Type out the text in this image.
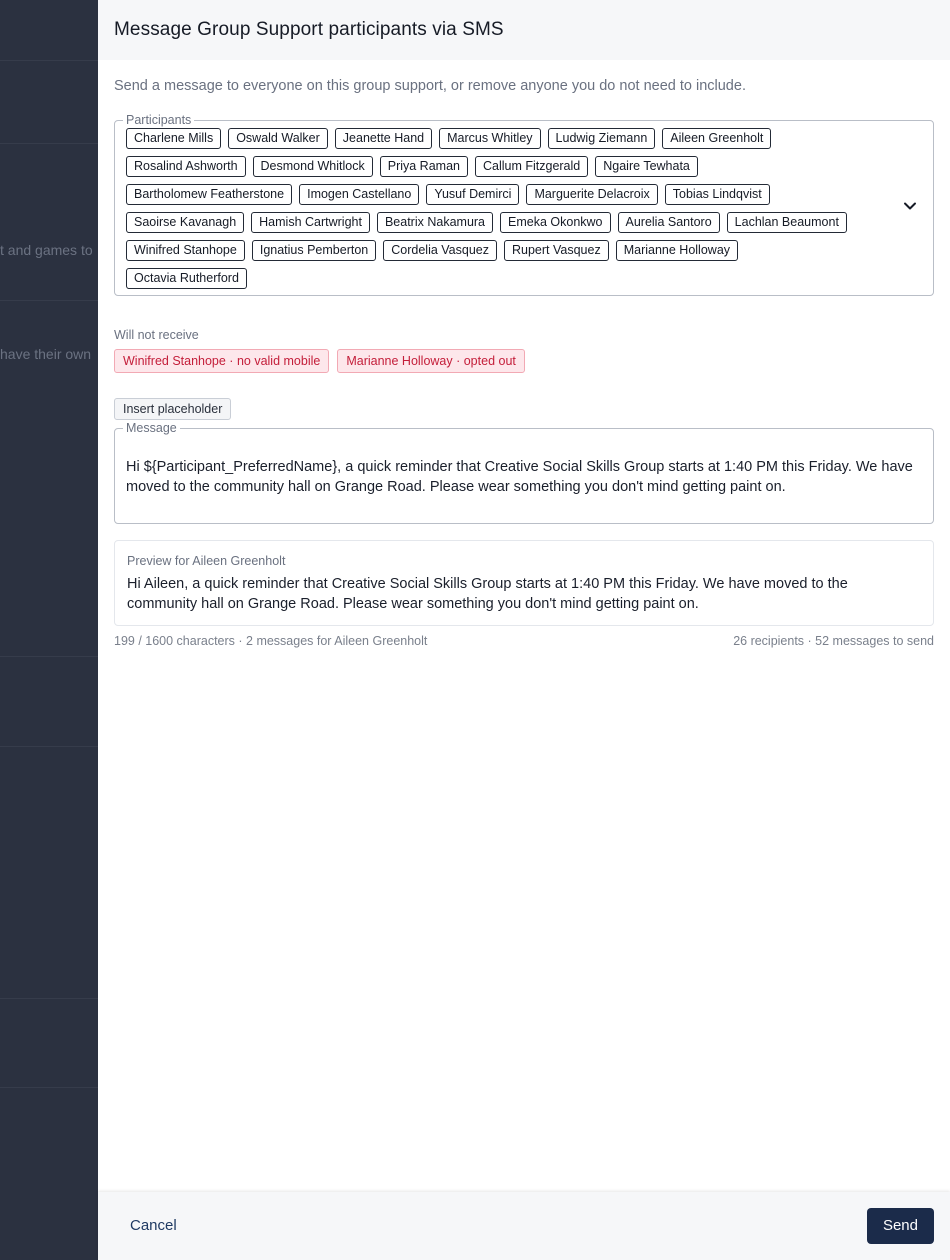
t and games to
have their own
Message Group Support participants via SMS
Send a message to everyone on this group support, or remove anyone you do not need to include.
Participants
Charlene Mills	Oswald Walker	Jeanette Hand	Marcus Whitley	Ludwig Ziemann	Aileen Greenholt
Rosalind Ashworth	Desmond Whitlock	Priya Raman	Callum Fitzgerald	Ngaire Tewhata
Bartholomew Featherstone	Imogen Castellano	Yusuf Demirci	Marguerite Delacroix	Tobias Lindqvist
Saoirse Kavanagh	Hamish Cartwright	Beatrix Nakamura	Emeka Okonkwo	Aurelia Santoro	Lachlan Beaumont
Winifred Stanhope	Ignatius Pemberton	Cordelia Vasquez	Rupert Vasquez	Marianne Holloway
Octavia Rutherford
Will not receive
Winifred Stanhope · no valid mobile	Marianne Holloway · opted out
Insert placeholder
Message
Hi ${Participant_PreferredName}, a quick reminder that Creative Social Skills Group starts at 1:40 PM this Friday. We have moved to the community hall on Grange Road. Please wear something you don't mind getting paint on.
Preview for Aileen Greenholt
Hi Aileen, a quick reminder that Creative Social Skills Group starts at 1:40 PM this Friday. We have moved to the community hall on Grange Road. Please wear something you don't mind getting paint on.
199 / 1600 characters · 2 messages for Aileen Greenholt	26 recipients · 52 messages to send
Cancel	Send
